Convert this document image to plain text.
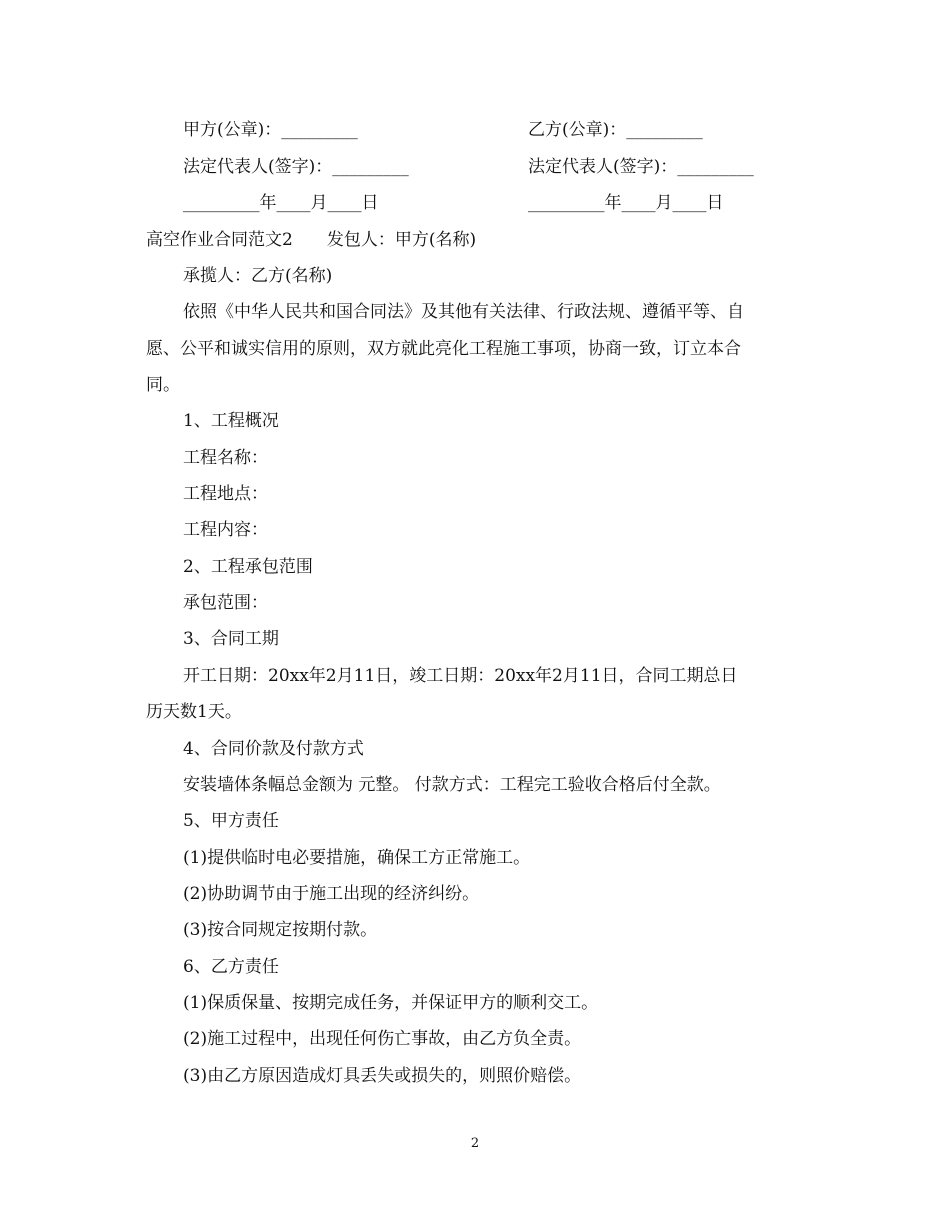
甲方(公章)：_________	乙方(公章)：_________
法定代表人(签字)：_________	法定代表人(签字)：_________
_________年____月____日	_________年____月____日
高空作业合同范文2　　发包人：甲方(名称)
承揽人：乙方(名称)
依照《中华人民共和国合同法》及其他有关法律、行政法规、遵循平等、自
愿、公平和诚实信用的原则，双方就此亮化工程施工事项，协商一致，订立本合
同。
1、工程概况
工程名称：
工程地点：
工程内容：
2、工程承包范围
承包范围：
3、合同工期
开工日期：20xx年2月11日，竣工日期：20xx年2月11日，合同工期总日
历天数1天。
4、合同价款及付款方式
安装墙体条幅总金额为 元整。 付款方式：工程完工验收合格后付全款。
5、甲方责任
(1)提供临时电必要措施，确保工方正常施工。
(2)协助调节由于施工出现的经济纠纷。
(3)按合同规定按期付款。
6、乙方责任
(1)保质保量、按期完成任务，并保证甲方的顺利交工。
(2)施工过程中，出现任何伤亡事故，由乙方负全责。
(3)由乙方原因造成灯具丢失或损失的，则照价赔偿。
2
